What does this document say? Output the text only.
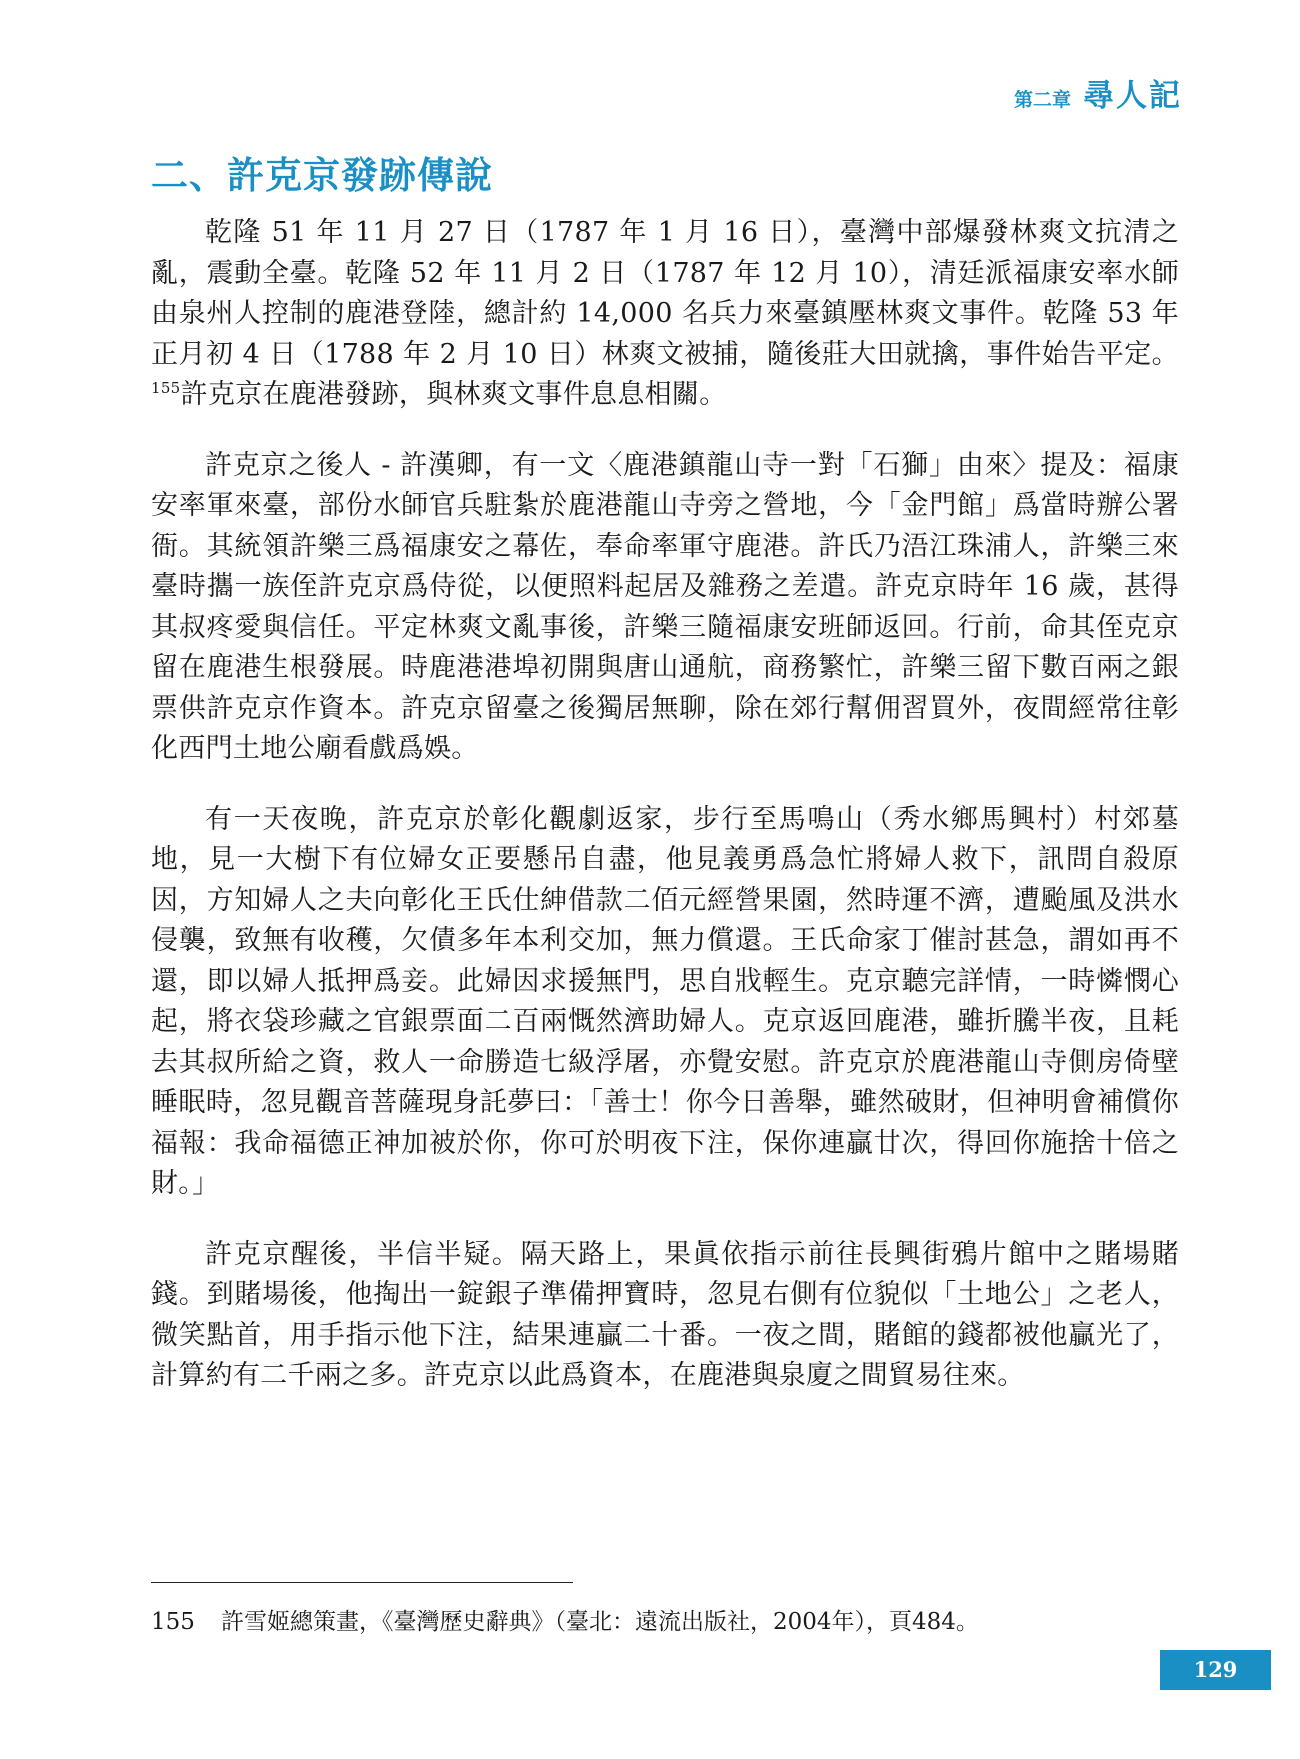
第二章 尋人記
二、許克京發跡傳說

乾隆 51 年 11 月 27 日（1787 年 1 月 16 日），臺灣中部爆發林爽文抗清之亂，震動全臺。乾隆 52 年 11 月 2 日（1787 年 12 月 10），清廷派福康安率水師由泉州人控制的鹿港登陸，總計約 14,000 名兵力來臺鎮壓林爽文事件。乾隆 53 年正月初 4 日（1788 年 2 月 10 日）林爽文被捕，隨後莊大田就擒，事件始告平定。$^{155}$許克京在鹿港發跡，與林爽文事件息息相關。

許克京之後人 - 許漢卿，有一文〈鹿港鎮龍山寺一對「石獅」由來〉提及：福康安率軍來臺，部份水師官兵駐紮於鹿港龍山寺旁之營地，今「金門館」爲當時辦公署衙。其統領許樂三爲福康安之幕佐，奉命率軍守鹿港。許氏乃浯江珠浦人，許樂三來臺時攜一族侄許克京爲侍從，以便照料起居及雜務之差遣。許克京時年 16 歲，甚得其叔疼愛與信任。平定林爽文亂事後，許樂三隨福康安班師返回。行前，命其侄克京留在鹿港生根發展。時鹿港港埠初開與唐山通航，商務繁忙，許樂三留下數百兩之銀票供許克京作資本。許克京留臺之後獨居無聊，除在郊行幫佣習買外，夜間經常往彰化西門土地公廟看戲爲娛。

有一天夜晚，許克京於彰化觀劇返家，步行至馬鳴山（秀水鄉馬興村）村郊墓地，見一大樹下有位婦女正要懸吊自盡，他見義勇爲急忙將婦人救下，訊問自殺原因，方知婦人之夫向彰化王氏仕紳借款二佰元經營果園，然時運不濟，遭颱風及洪水侵襲，致無有收穫，欠債多年本利交加，無力償還。王氏命家丁催討甚急，謂如再不還，即以婦人抵押爲妾。此婦因求援無門，思自戕輕生。克京聽完詳情，一時憐憫心起，將衣袋珍藏之官銀票面二百兩慨然濟助婦人。克京返回鹿港，雖折騰半夜，且耗去其叔所給之資，救人一命勝造七級浮屠，亦覺安慰。許克京於鹿港龍山寺側房倚壁睡眠時，忽見觀音菩薩現身託夢曰：「善士！你今日善舉，雖然破財，但神明會補償你福報：我命福德正神加被於你，你可於明夜下注，保你連贏廿次，得回你施捨十倍之財。」

許克京醒後，半信半疑。隔天路上，果眞依指示前往長興街鴉片館中之賭場賭錢。到賭場後，他掏出一錠銀子準備押寶時，忽見右側有位貌似「土地公」之老人，微笑點首，用手指示他下注，結果連贏二十番。一夜之間，賭館的錢都被他贏光了，計算約有二千兩之多。許克京以此爲資本，在鹿港與泉廈之間貿易往來。

155 許雪姬總策畫，《臺灣歷史辭典》（臺北：遠流出版社，2004年），頁484。
129
